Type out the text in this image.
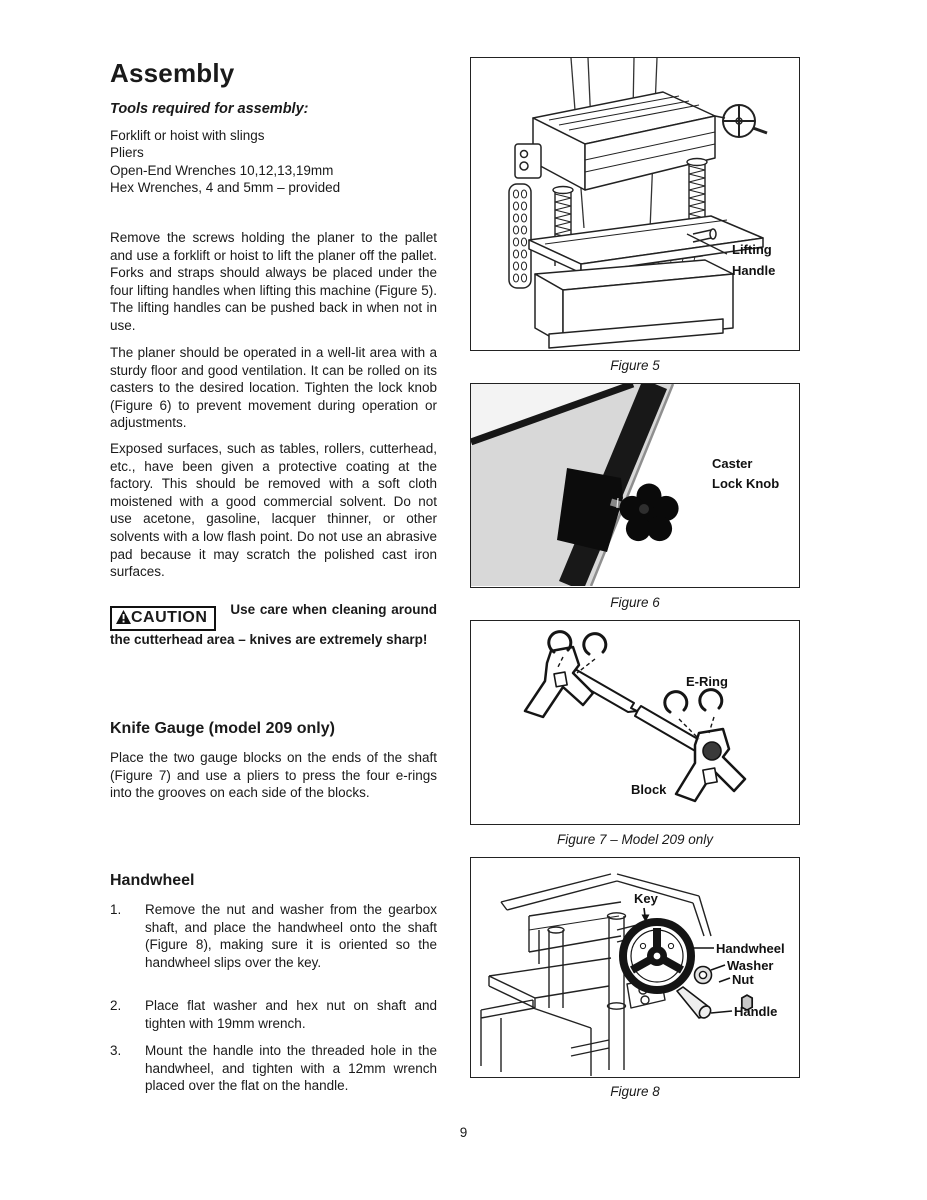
Assembly
Tools required for assembly:
Forklift or hoist with slings
Pliers
Open-End Wrenches 10,12,13,19mm
Hex Wrenches, 4 and 5mm – provided

Remove the screws holding the planer to the pallet and use a forklift or hoist to lift the planer off the pallet. Forks and straps should always be placed under the four lifting handles when lifting this machine (Figure 5). The lifting handles can be pushed back in when not in use.

The planer should be operated in a well-lit area with a sturdy floor and good ventilation. It can be rolled on its casters to the desired location. Tighten the lock knob (Figure 6) to prevent movement during operation or adjustments.

Exposed surfaces, such as tables, rollers, cutterhead, etc., have been given a protective coating at the factory. This should be removed with a soft cloth moistened with a good commercial solvent. Do not use acetone, gasoline, lacquer thinner, or other solvents with a low flash point. Do not use an abrasive pad because it may scratch the polished cast iron surfaces.

CAUTION Use care when cleaning around the cutterhead area – knives are extremely sharp!
Knife Gauge (model 209 only)

Place the two gauge blocks on the ends of the shaft (Figure 7) and use a pliers to press the four e-rings into the grooves on each side of the blocks.

Handwheel
1.	Remove the nut and washer from the gearbox shaft, and place the handwheel onto the shaft (Figure 8), making sure it is oriented so the handwheel slips over the key.
2.	Place flat washer and hex nut on shaft and tighten with 19mm wrench.
3.	Mount the handle into the threaded hole in the handwheel, and tighten with a 12mm wrench placed over the flat on the handle.
Lifting
Handle
Figure 5
Caster
Lock Knob
Figure 6
E-Ring
Block
Figure 7 – Model 209 only
Key
Handwheel
Washer
Nut
Handle
Figure 8
9
